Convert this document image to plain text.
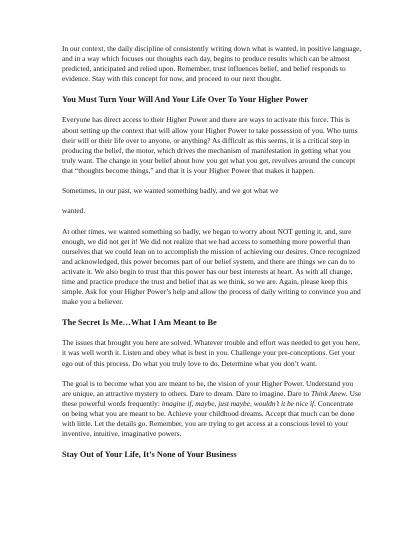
In our context, the daily discipline of consistently writing down what is wanted, in positive language, and in a way which focuses our thoughts each day, begins to produce results which can be almost predicted, anticipated and relied upon. Remember, trust influences belief, and belief responds to evidence. Stay with this concept for now, and proceed to our next thought.

You Must Turn Your Will And Your Life Over To Your Higher Power

Everyone has direct access to their Higher Power and there are ways to activate this force. This is about setting up the context that will allow your Higher Power to take possession of you. Who turns their will or their life over to anyone, or anything? As difficult as this seems, it is a critical step in producing the belief, the motor, which drives the mechanism of manifestation in getting what you truly want. The change in your belief about how you get what you get, revolves around the concept that “thoughts become things,” and that it is your Higher Power that makes it happen.

Sometimes, in our past, we wanted something badly, and we got what we

wanted.

At other times, we wanted something so badly, we began to worry about NOT getting it, and, sure enough, we did not get it! We did not realize that we had access to something more powerful than ourselves that we could lean on to accomplish the mission of achieving our desires. Once recognized and acknowledged, this power becomes part of our belief system, and there are things we can do to activate it. We also begin to trust that this power has our best interests at heart. As with all change, time and practice produce the trust and belief that as we think, so we are. Again, please keep this simple. Ask for your Higher Power’s help and allow the process of daily writing to convince you and make you a believer.

The Secret Is Me…What I Am Meant to Be

The issues that brought you here are solved. Whatever trouble and effort was needed to get you here, it was well worth it. Listen and obey what is best in you. Challenge your pre-conceptions. Get your ego out of this process. Do what you truly love to do. Determine what you don’t want.

The goal is to become what you are meant to be, the vision of your Higher Power. Understand you are unique, an attractive mystery to others. Dare to dream. Dare to imagine. Dare to Think Anew. Use these powerful words frequently: imagine if, maybe, just maybe, wouldn’t it be nice if. Concentrate on being what you are meant to be. Achieve your childhood dreams. Accept that much can be done with little. Let the details go. Remember, you are trying to get access at a conscious level to your inventive, intuitive, imaginative powers.

Stay Out of Your Life, It’s None of Your Business
